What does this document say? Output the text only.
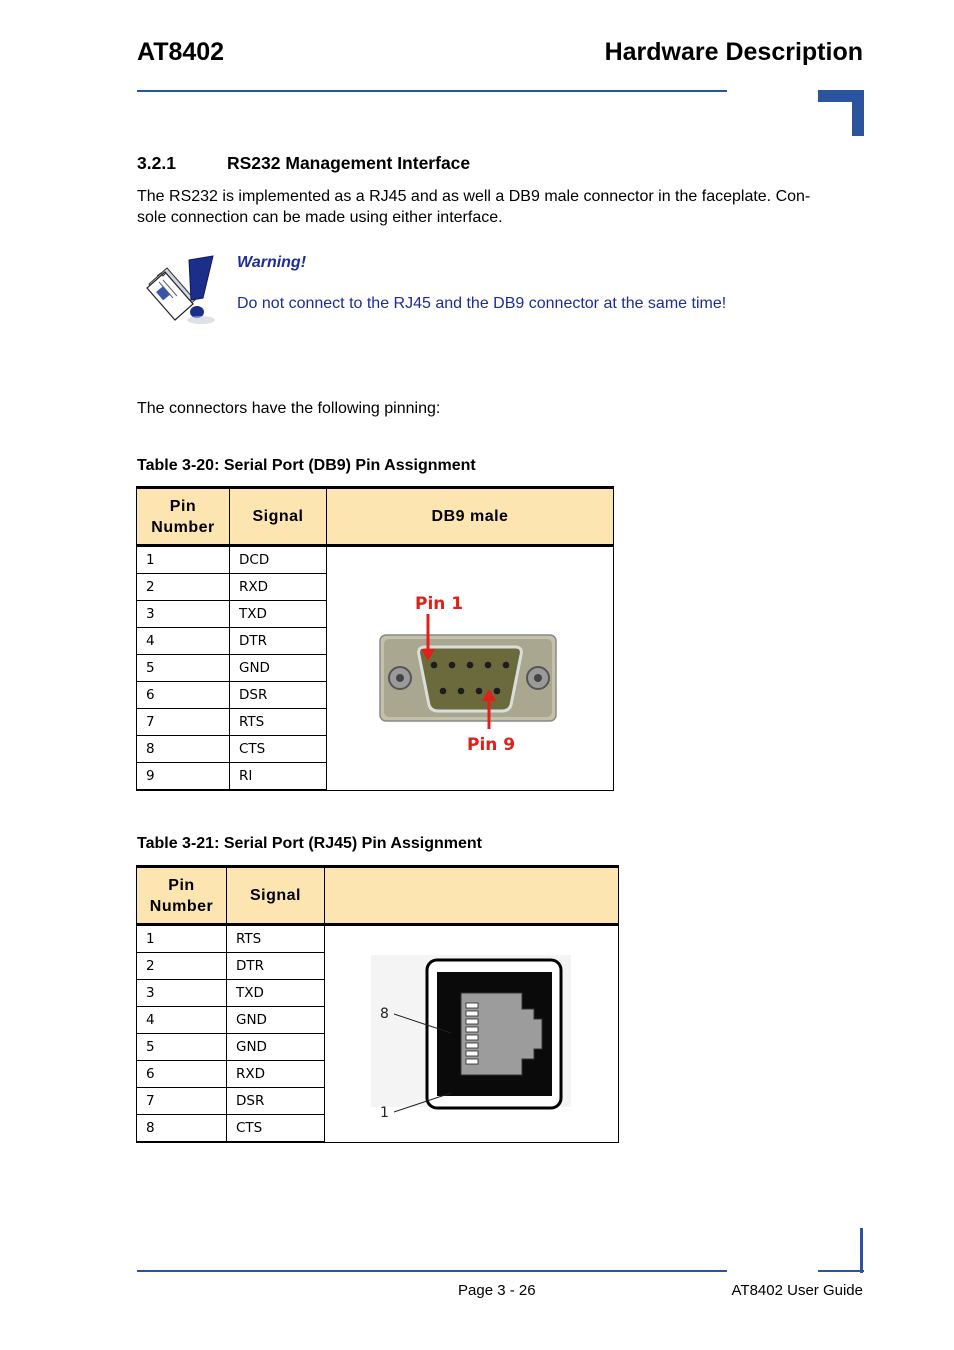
AT8402	Hardware Description
3.2.1	RS232 Management Interface
The RS232 is implemented as a RJ45 and as well a DB9 male connector in the faceplate. Con-
sole connection can be made using either interface.
Warning!
Do not connect to the RJ45 and the DB9 connector at the same time!
The connectors have the following pinning:
Table 3-20: Serial Port (DB9) Pin Assignment
Pin Number	Signal	DB9 male
1	DCD	Pin 1
Pin 9

2	RXD	
3	TXD	
4	DTR	
5	GND	
6	DSR	
7	RTS	
8	CTS	
9	RI	
Table 3-21: Serial Port (RJ45) Pin Assignment
Pin Number	Signal	
1	RTS	8
1

2	DTR	
3	TXD	
4	GND	
5	GND	
6	RXD	
7	DSR	
8	CTS	
Page 3 - 26	AT8402 User Guide
